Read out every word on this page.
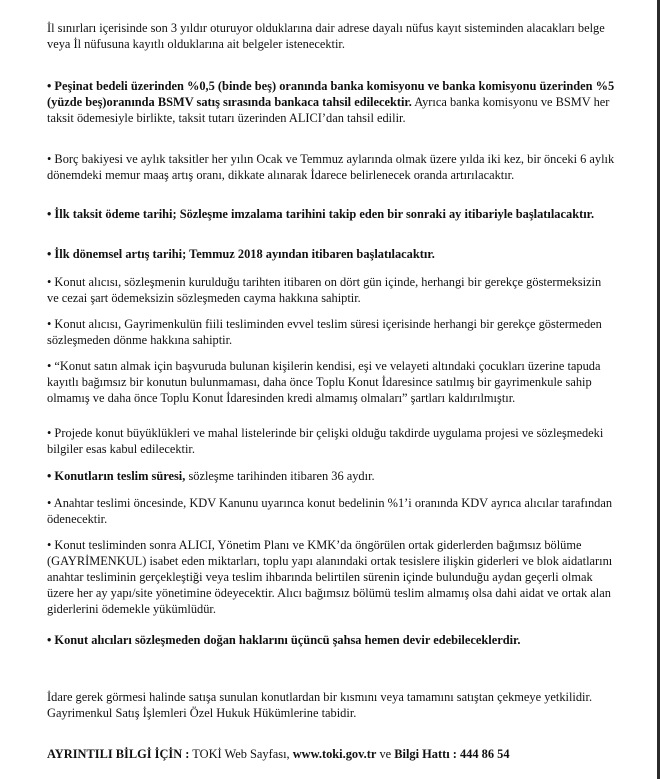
İl sınırları içerisinde son 3 yıldır oturuyor olduklarına dair adrese dayalı nüfus kayıt sisteminden alacakları belge veya İl nüfusuna kayıtlı olduklarına ait belgeler istenecektir.

• Peşinat bedeli üzerinden %0,5 (binde beş) oranında banka komisyonu ve banka komisyonu üzerinden %5 (yüzde beş)oranında BSMV satış sırasında bankaca tahsil edilecektir. Ayrıca banka komisyonu ve BSMV her taksit ödemesiyle birlikte, taksit tutarı üzerinden ALICI’dan tahsil edilir.

• Borç bakiyesi ve aylık taksitler her yılın Ocak ve Temmuz aylarında olmak üzere yılda iki kez, bir önceki 6 aylık dönemdeki memur maaş artış oranı, dikkate alınarak İdarece belirlenecek oranda artırılacaktır.

• İlk taksit ödeme tarihi; Sözleşme imzalama tarihini takip eden bir sonraki ay itibariyle başlatılacaktır.

• İlk dönemsel artış tarihi; Temmuz 2018 ayından itibaren başlatılacaktır.

• Konut alıcısı, sözleşmenin kurulduğu tarihten itibaren on dört gün içinde, herhangi bir gerekçe göstermeksizin ve cezai şart ödemeksizin sözleşmeden cayma hakkına sahiptir.

• Konut alıcısı, Gayrimenkulün fiili tesliminden evvel teslim süresi içerisinde herhangi bir gerekçe göstermeden sözleşmeden dönme hakkına sahiptir.

• “Konut satın almak için başvuruda bulunan kişilerin kendisi, eşi ve velayeti altındaki çocukları üzerine tapuda kayıtlı bağımsız bir konutun bulunmaması, daha önce Toplu Konut İdaresince satılmış bir gayrimenkule sahip olmamış ve daha önce Toplu Konut İdaresinden kredi almamış olmaları” şartları kaldırılmıştır.

• Projede konut büyüklükleri ve mahal listelerinde bir çelişki olduğu takdirde uygulama projesi ve sözleşmedeki bilgiler esas kabul edilecektir.

• Konutların teslim süresi, sözleşme tarihinden itibaren 36 aydır.

• Anahtar teslimi öncesinde, KDV Kanunu uyarınca konut bedelinin %1’i oranında KDV ayrıca alıcılar tarafından ödenecektir.

• Konut tesliminden sonra ALICI, Yönetim Planı ve KMK’da öngörülen ortak giderlerden bağımsız bölüme (GAYRİMENKUL) isabet eden miktarları, toplu yapı alanındaki ortak tesislere ilişkin giderleri ve blok aidatlarını anahtar tesliminin gerçekleştiği veya teslim ihbarında belirtilen sürenin içinde bulunduğu aydan geçerli olmak üzere her ay yapı/site yönetimine ödeyecektir. Alıcı bağımsız bölümü teslim almamış olsa dahi aidat ve ortak alan giderlerini ödemekle yükümlüdür.

• Konut alıcıları sözleşmeden doğan haklarını üçüncü şahsa hemen devir edebileceklerdir.

İdare gerek görmesi halinde satışa sunulan konutlardan bir kısmını veya tamamını satıştan çekmeye yetkilidir. Gayrimenkul Satış İşlemleri Özel Hukuk Hükümlerine tabidir.

AYRINTILI BİLGİ İÇİN : TOKİ Web Sayfası, www.toki.gov.tr ve Bilgi Hattı : 444 86 54
